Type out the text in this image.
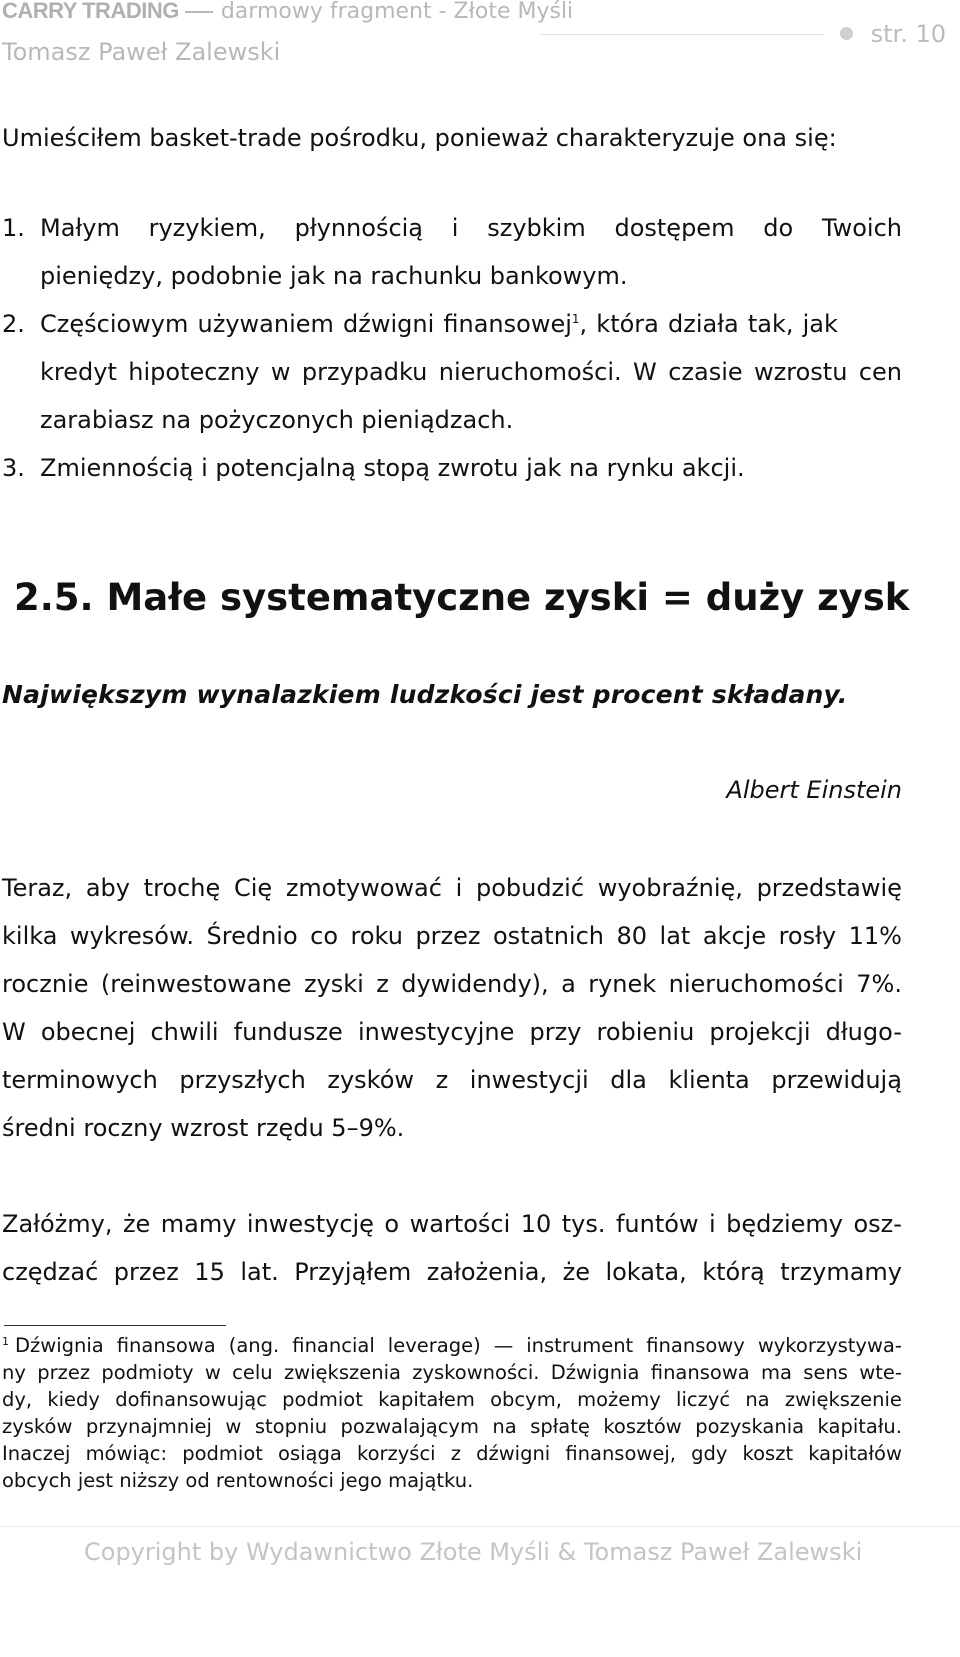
CARRY TRADING darmowy fragment - Złote Myśli
Tomasz Paweł Zalewski
str. 10
Umieściłem basket-trade pośrodku, ponieważ charakteryzuje ona się:
1. Małym ryzykiem, płynnością i szybkim dostępem do Twoich
pieniędzy, podobnie jak na rachunku bankowym.
2. Częściowym używaniem dźwigni finansowej$^1$, która działa tak, jak
kredyt hipoteczny w przypadku nieruchomości. W czasie wzrostu cen
zarabiasz na pożyczonych pieniądzach.
3. Zmiennością i potencjalną stopą zwrotu jak na rynku akcji.
2.5. Małe systematyczne zyski = duży zysk
Największym wynalazkiem ludzkości jest procent składany.
Albert Einstein
Teraz, aby trochę Cię zmotywować i pobudzić wyobraźnię, przedstawię
kilka wykresów. Średnio co roku przez ostatnich 80 lat akcje rosły 11%
rocznie (reinwestowane zyski z dywidendy), a rynek nieruchomości 7%.
W obecnej chwili fundusze inwestycyjne przy robieniu projekcji długo-
terminowych przyszłych zysków z inwestycji dla klienta przewidują
średni roczny wzrost rzędu 5–9%.
Załóżmy, że mamy inwestycję o wartości 10 tys. funtów i będziemy osz-
czędzać przez 15 lat. Przyjąłem założenia, że lokata, którą trzymamy
$^1$ Dźwignia finansowa (ang. financial leverage) — instrument finansowy wykorzystywa-
ny przez podmioty w celu zwiększenia zyskowności. Dźwignia finansowa ma sens wte-
dy, kiedy dofinansowując podmiot kapitałem obcym, możemy liczyć na zwiększenie
zysków przynajmniej w stopniu pozwalającym na spłatę kosztów pozyskania kapitału.
Inaczej mówiąc: podmiot osiąga korzyści z dźwigni finansowej, gdy koszt kapitałów
obcych jest niższy od rentowności jego majątku.
Copyright by Wydawnictwo Złote Myśli & Tomasz Paweł Zalewski
